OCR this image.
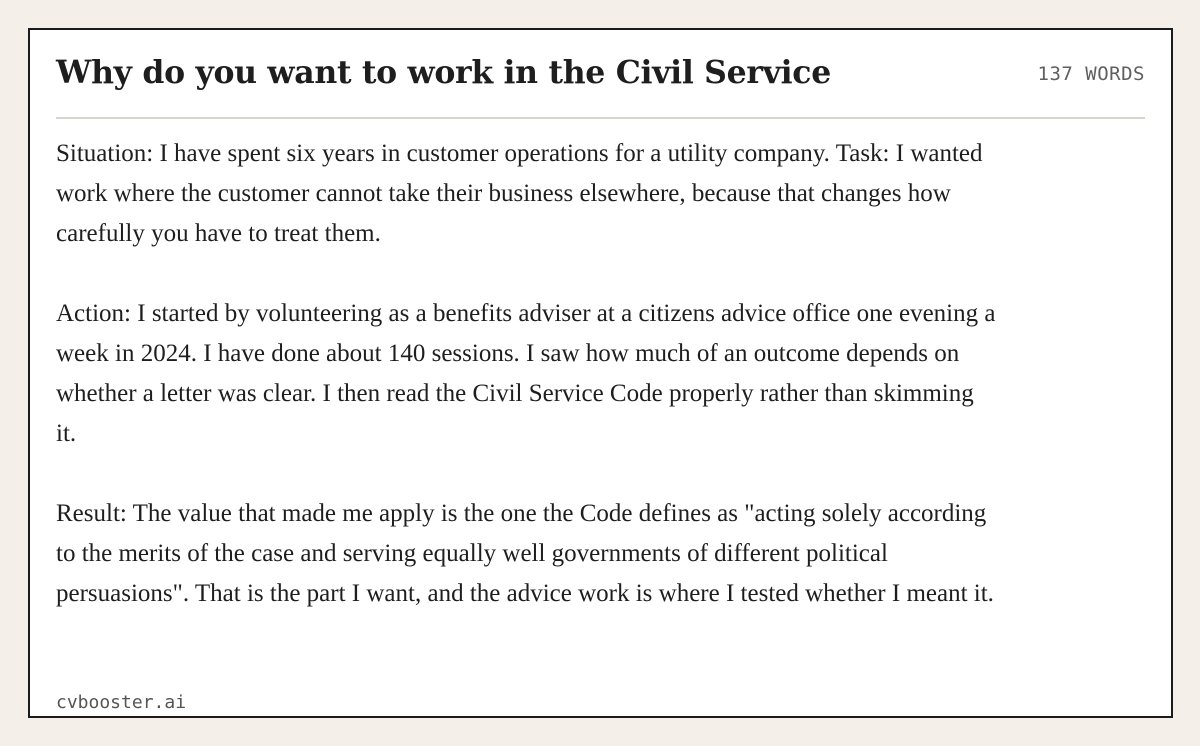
Why do you want to work in the Civil Service	137 WORDS

Situation: I have spent six years in customer operations for a utility company. Task: I wanted work where the customer cannot take their business elsewhere, because that changes how carefully you have to treat them.

Action: I started by volunteering as a benefits adviser at a citizens advice office one evening a week in 2024. I have done about 140 sessions. I saw how much of an outcome depends on whether a letter was clear. I then read the Civil Service Code properly rather than skimming it.

Result: The value that made me apply is the one the Code defines as "acting solely according to the merits of the case and serving equally well governments of different political persuasions". That is the part I want, and the advice work is where I tested whether I meant it.

cvbooster.ai
